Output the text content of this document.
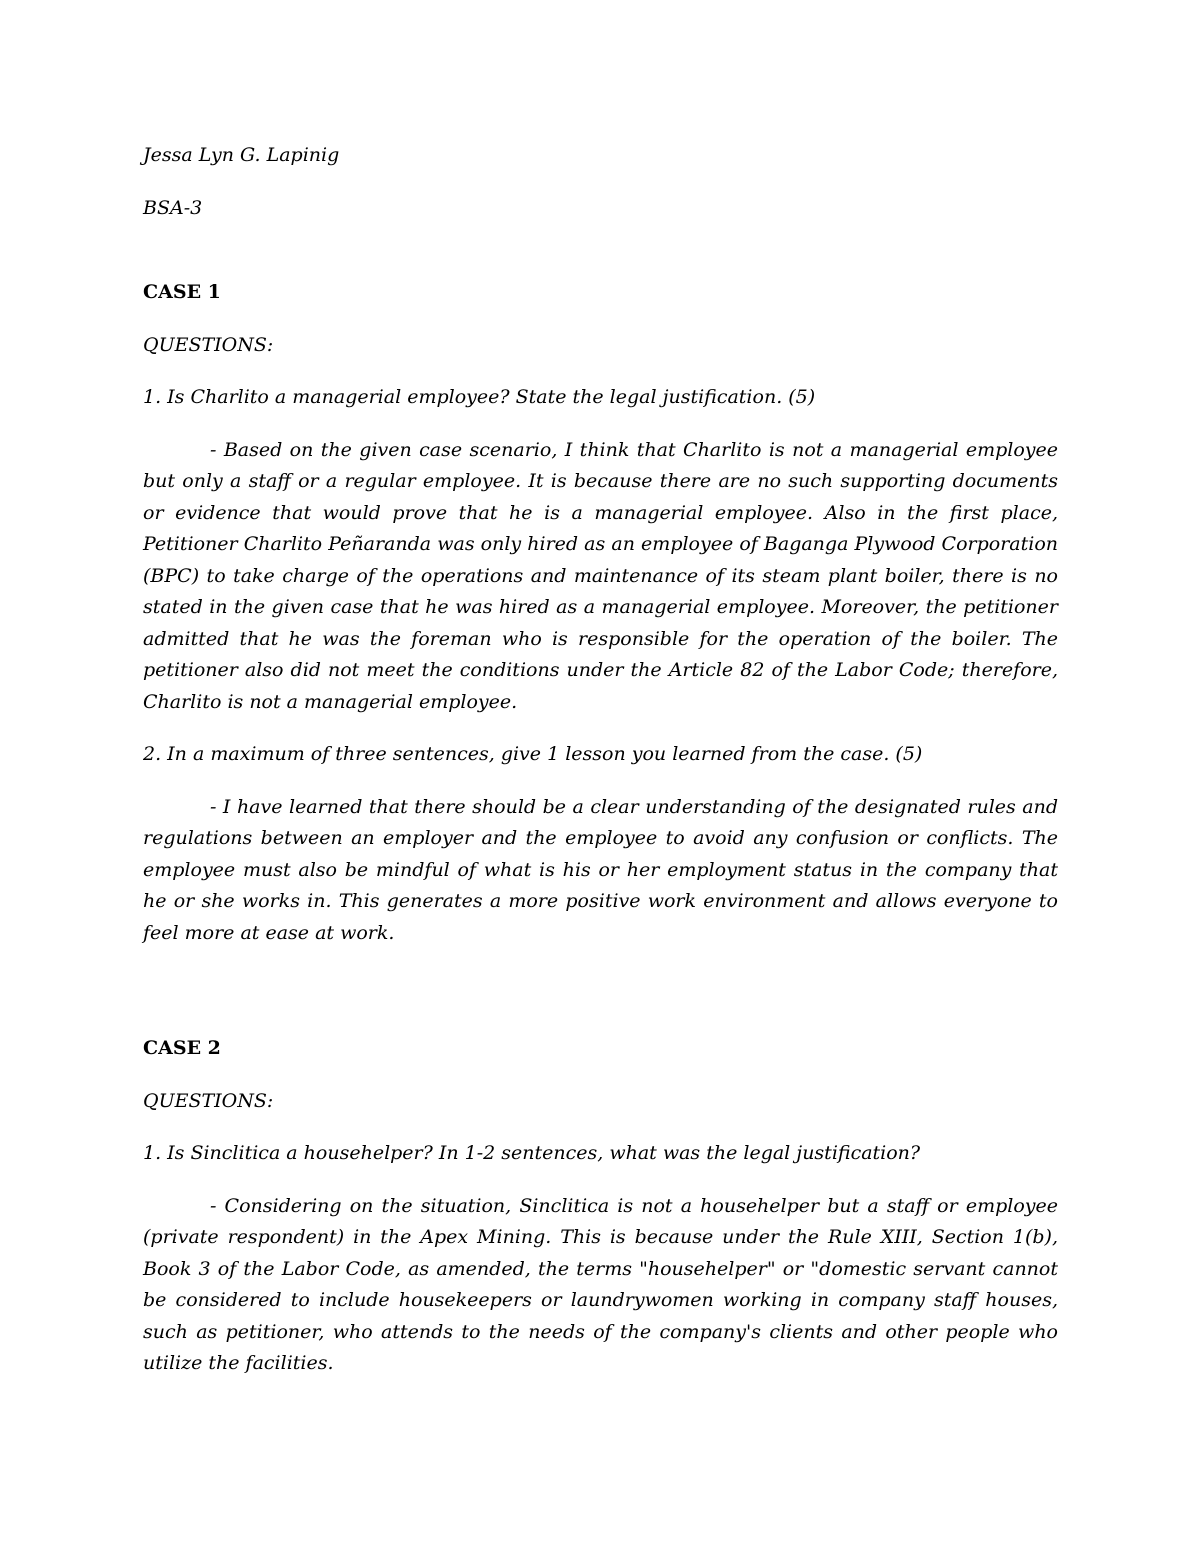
Jessa Lyn G. Lapinig

BSA-3

CASE 1

QUESTIONS:

1. Is Charlito a managerial employee? State the legal justification. (5)

- Based on the given case scenario, I think that Charlito is not a managerial employee but only a staff or a regular employee. It is because there are no such supporting documents or evidence that would prove that he is a managerial employee. Also in the first place, Petitioner Charlito Peñaranda was only hired as an employee of Baganga Plywood Corporation (BPC) to take charge of the operations and maintenance of its steam plant boiler, there is no stated in the given case that he was hired as a managerial employee. Moreover, the petitioner admitted that he was the foreman who is responsible for the operation of the boiler. The petitioner also did not meet the conditions under the Article 82 of the Labor Code; therefore, Charlito is not a managerial employee.

2. In a maximum of three sentences, give 1 lesson you learned from the case. (5)

- I have learned that there should be a clear understanding of the designated rules and regulations between an employer and the employee to avoid any confusion or conflicts. The employee must also be mindful of what is his or her employment status in the company that he or she works in. This generates a more positive work environment and allows everyone to feel more at ease at work.

CASE 2

QUESTIONS:

1. Is Sinclitica a househelper? In 1-2 sentences, what was the legal justification?

- Considering on the situation, Sinclitica is not a househelper but a staff or employee (private respondent) in the Apex Mining. This is because under the Rule XIII, Section 1(b), Book 3 of the Labor Code, as amended, the terms "househelper" or "domestic servant cannot be considered to include housekeepers or laundrywomen working in company staff houses, such as petitioner, who attends to the needs of the company's clients and other people who utilize the facilities.
